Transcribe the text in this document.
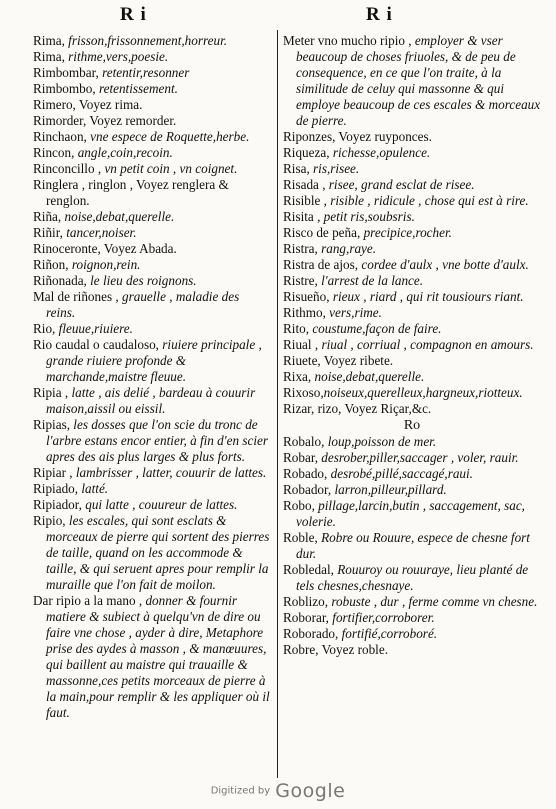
R i	R i
Rima, frisson,frissonnement,horreur.
Rima, rithme,vers,poesie.
Rimbombar, retentir,resonner
Rimbombo, retentissement.
Rimero, Voyez rima.
Rimorder, Voyez remorder.
Rinchaon, vne espece de Roquette,herbe.
Rincon, angle,coin,recoin.
Rinconcillo , vn petit coin , vn coignet.
Ringlera , ringlon , Voyez renglera & renglon.
Riña, noise,debat,querelle.
Riñir, tancer,noiser.
Rinoceronte, Voyez Abada.
Riñon, roignon,rein.
Riñonada, le lieu des roignons.
Mal de riñones , grauelle , maladie des reins.
Rio, fleuue,riuiere.
Rio caudal o caudaloso, riuiere principale , grande riuiere profonde & marchande,maistre fleuue.
Ripia , latte , ais delié , bardeau à couurir maison,aissil ou eissil.
Ripias, les dosses que l'on scie du tronc de l'arbre estans encor entier, à fin d'en scier apres des ais plus larges & plus forts.
Ripiar , lambrisser , latter, couurir de lattes.
Ripiado, latté.
Ripiador, qui latte , couureur de lattes.
Ripio, les escales, qui sont esclats & morceaux de pierre qui sortent des pierres de taille, quand on les accommode & taille, & qui seruent apres pour remplir la muraille que l'on fait de moilon.
Dar ripio a la mano , donner & fournir matiere & subiect à quelqu'vn de dire ou faire vne chose , ayder à dire, Metaphore prise des aydes à masson , & manœuures, qui baillent au maistre qui trauaille & massonne,ces petits morceaux de pierre à la main,pour remplir & les appliquer où il faut.
Meter vno mucho ripio , employer & vser beaucoup de choses friuoles, & de peu de consequence, en ce que l'on traite, à la similitude de celuy qui massonne & qui employe beaucoup de ces escales & morceaux de pierre.
Riponzes, Voyez ruyponces.
Riqueza, richesse,opulence.
Risa, ris,risee.
Risada , risee, grand esclat de risee.
Risible , risible , ridicule , chose qui est à rire.
Risita , petit ris,soubsris.
Risco de peña, precipice,rocher.
Ristra, rang,raye.
Ristra de ajos, cordee d'aulx , vne botte d'aulx.
Ristre, l'arrest de la lance.
Risueño, rieux , riard , qui rit tousiours riant.
Rithmo, vers,rime.
Rito, coustume,façon de faire.
Riual , riual , corriual , compagnon en amours.
Riuete, Voyez ribete.
Rixa, noise,debat,querelle.
Rixoso,noiseux,querelleux,hargneux,riotteux.
Rizar, rizo, Voyez Riçar,&c.
Ro
Robalo, loup,poisson de mer.
Robar, desrober,piller,saccager , voler, rauir.
Robado, desrobé,pillé,saccagé,raui.
Robador, larron,pilleur,pillard.
Robo, pillage,larcin,butin , saccagement, sac, volerie.
Roble, Robre ou Rouure, espece de chesne fort dur.
Robledal, Rouuroy ou rouuraye, lieu planté de tels chesnes,chesnaye.
Roblizo, robuste , dur , ferme comme vn chesne.
Roborar, fortifier,corroborer.
Roborado, fortifié,corroboré.
Robre, Voyez roble.
Digitized by Google
